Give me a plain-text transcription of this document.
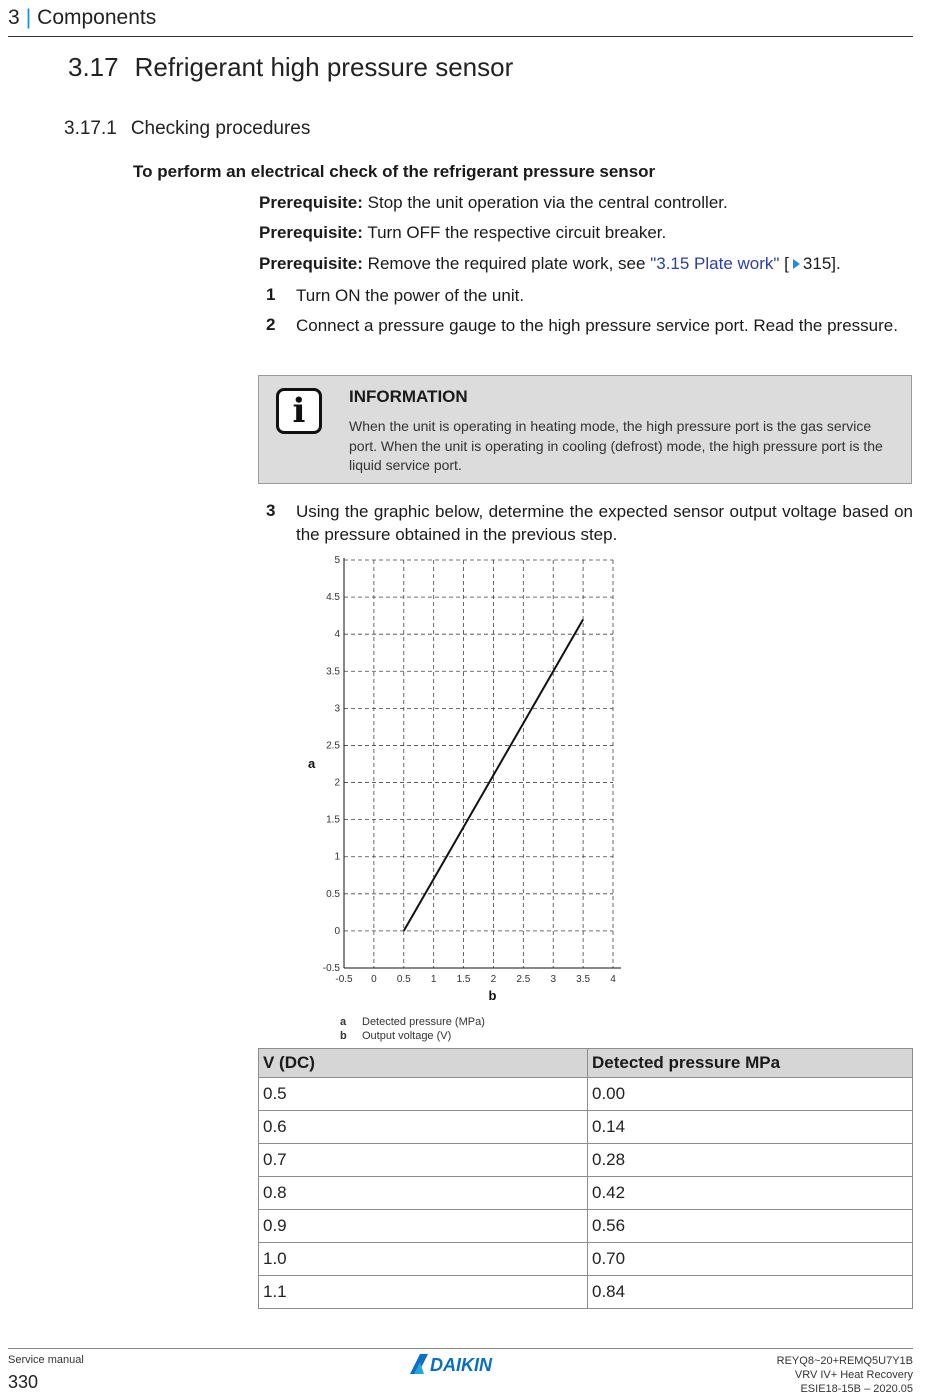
3 | Components
3.17 Refrigerant high pressure sensor
3.17.1 Checking procedures
To perform an electrical check of the refrigerant pressure sensor
Prerequisite: Stop the unit operation via the central controller.
Prerequisite: Turn OFF the respective circuit breaker.
Prerequisite: Remove the required plate work, see "3.15 Plate work" [ 315].
1 Turn ON the power of the unit.
2 Connect a pressure gauge to the high pressure service port. Read the pressure.
i	INFORMATION
When the unit is operating in heating mode, the high pressure port is the gas service port. When the unit is operating in cooling (defrost) mode, the high pressure port is the liquid service port.
3 Using the graphic below, determine the expected sensor output voltage based on the pressure obtained in the previous step.
-0.5 0 0.5 1 1.5 2 2.5 3 3.5 4
-0.5
0
0.5
1
1.5
2
2.5
3
3.5
4
4.5
5
a
b
a Detected pressure (MPa)
b Output voltage (V)
V (DC)	Detected pressure MPa
0.5	0.00
0.6	0.14
0.7	0.28
0.8	0.42
0.9	0.56
1.0	0.70
1.1	0.84
Service manual
330
DAIKIN	REYQ8~20+REMQ5U7Y1B
VRV IV+ Heat Recovery
ESIE18-15B – 2020.05
